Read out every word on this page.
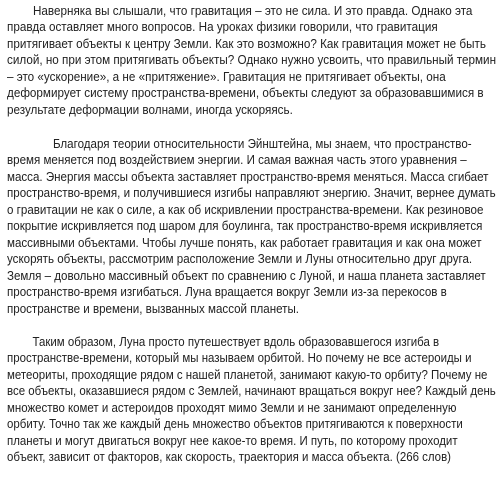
Наверняка вы слышали, что гравитация – это не сила. И это правда. Однако эта
правда оставляет много вопросов. На уроках физики говорили, что гравитация
притягивает объекты к центру Земли. Как это возможно? Как гравитация может не быть
силой, но при этом притягивать объекты? Однако нужно усвоить, что правильный термин
– это «ускорение», а не «притяжение». Гравитация не притягивает объекты, она
деформирует систему пространства-времени, объекты следуют за образовавшимися в
результате деформации волнами, иногда ускоряясь.
Благодаря теории относительности Эйнштейна, мы знаем, что пространство-
время меняется под воздействием энергии. И самая важная часть этого уравнения –
масса. Энергия массы объекта заставляет пространство-время меняться. Масса сгибает
пространство-время, и получившиеся изгибы направляют энергию. Значит, вернее думать
о гравитации не как о силе, а как об искривлении пространства-времени. Как резиновое
покрытие искривляется под шаром для боулинга, так пространство-время искривляется
массивными объектами. Чтобы лучше понять, как работает гравитация и как она может
ускорять объекты, рассмотрим расположение Земли и Луны относительно друг друга.
Земля – довольно массивный объект по сравнению с Луной, и наша планета заставляет
пространство-время изгибаться. Луна вращается вокруг Земли из-за перекосов в
пространстве и времени, вызванных массой планеты.
Таким образом, Луна просто путешествует вдоль образовавшегося изгиба в
пространстве-времени, который мы называем орбитой. Но почему не все астероиды и
метеориты, проходящие рядом с нашей планетой, занимают какую-то орбиту? Почему не
все объекты, оказавшиеся рядом с Землей, начинают вращаться вокруг нее? Каждый день
множество комет и астероидов проходят мимо Земли и не занимают определенную
орбиту. Точно так же каждый день множество объектов притягиваются к поверхности
планеты и могут двигаться вокруг нее какое-то время. И путь, по которому проходит
объект, зависит от факторов, как скорость, траектория и масса объекта. (266 слов)
